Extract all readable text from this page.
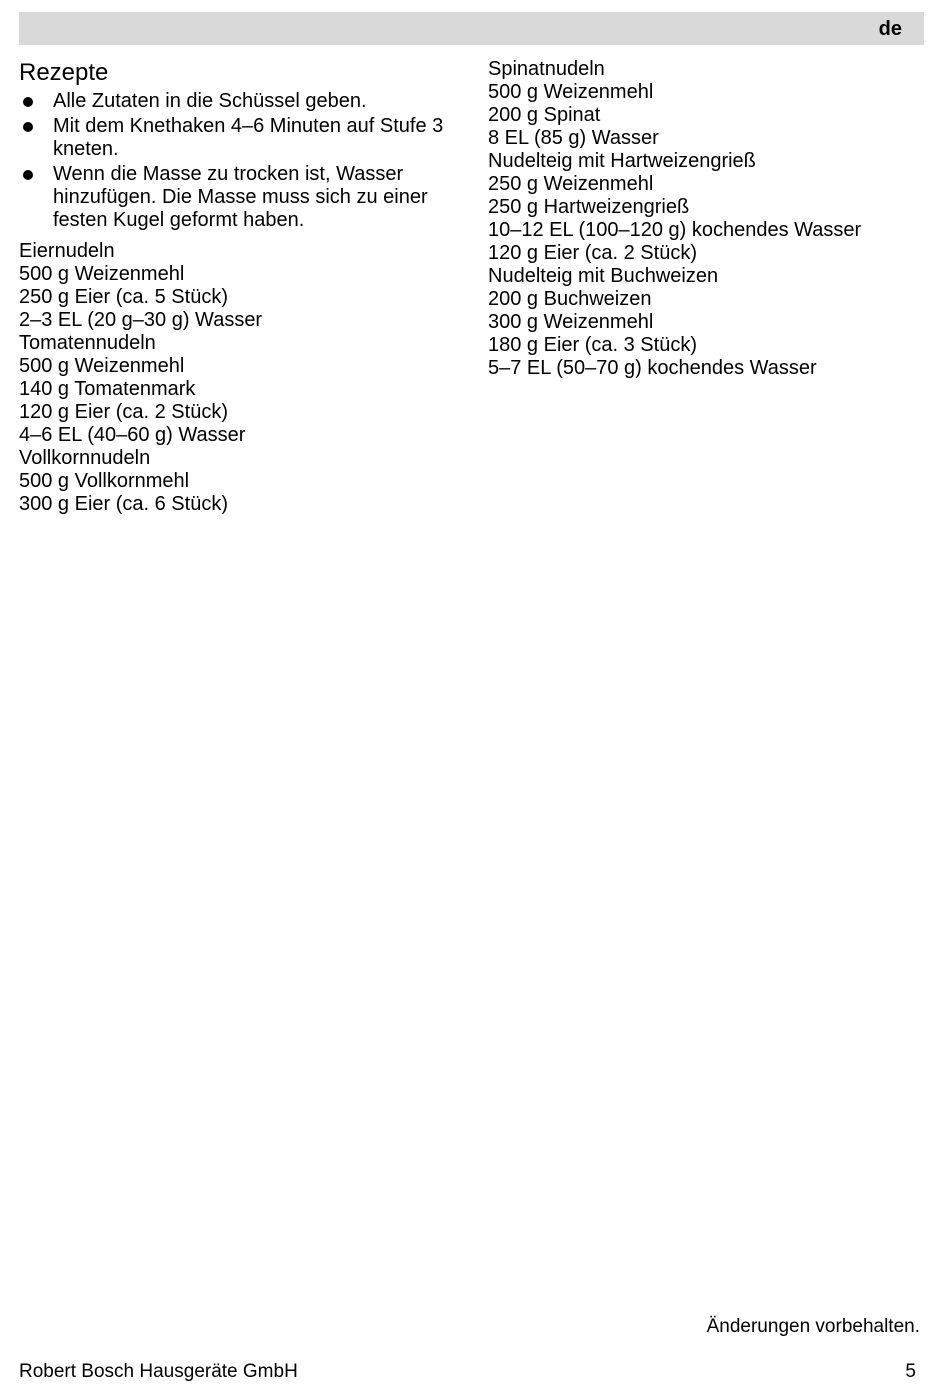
de
Rezepte
Alle Zutaten in die Schüssel geben.
Mit dem Knethaken 4–6 Minuten auf Stufe 3 kneten.
Wenn die Masse zu trocken ist, Wasser hinzufügen. Die Masse muss sich zu einer festen Kugel geformt haben.
Eiernudeln
500 g Weizenmehl
250 g Eier (ca. 5 Stück)
2–3 EL (20 g–30 g) Wasser
Tomatennudeln
500 g Weizenmehl
140 g Tomatenmark
120 g Eier (ca. 2 Stück)
4–6 EL (40–60 g) Wasser
Vollkornnudeln
500 g Vollkornmehl
300 g Eier (ca. 6 Stück)
Spinatnudeln
500 g Weizenmehl
200 g Spinat
8 EL (85 g) Wasser
Nudelteig mit Hartweizengrieß
250 g Weizenmehl
250 g Hartweizengrieß
10–12 EL (100–120 g) kochendes Wasser
120 g Eier (ca. 2 Stück)
Nudelteig mit Buchweizen
200 g Buchweizen
300 g Weizenmehl
180 g Eier (ca. 3 Stück)
5–7 EL (50–70 g) kochendes Wasser
Änderungen vorbehalten.
Robert Bosch Hausgeräte GmbH	5
